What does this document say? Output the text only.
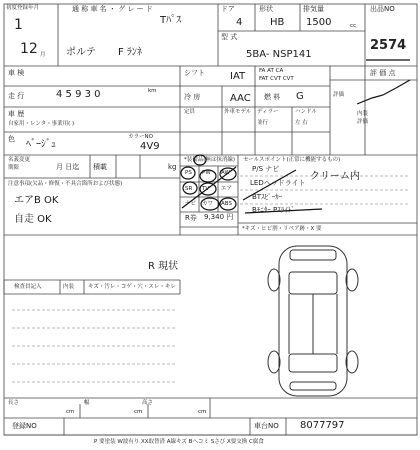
初度登録年月
1
12 月
通 称 車 名 ・ グ レ ー ド
Tﾊﾟｽ
ポルテ F ﾗﾝﾈ
ドア
4
形状
HB
排気量
1500	cc
型 式
5BA- NSP141
出品NO
2574
車 検
走 行	4 5 9 3 0	km
車 歴
自家用・レンタ・事業用( )
色 ﾍﾞｰｼﾞｭ
カラーNO
4V9
名義変更
期限	月 日迄 積載	kg
注意事項(欠品・修復・不具合箇所および状態)
エアB OK
自走 OK
シフト	IAT	FA AT CA
FAT CVT CVT
冷 房	AAC 燃 料 G
定員	外車モデル ディラー	ハンドル
並行	左 右
評 価 点
評価
内装
評価
*装備品(無は抹消線)
PS PW AW
SR TV エア
ナビ カワ ABS
R券 9,340 円
セールスポイント(正常に機能するもの)
P/S ナビ
LEDヘッドライト
BTｽﾋﾟｰｶｰ
Bﾓﾆﾀｰ Pｽﾗｲﾄﾞ
クリーム内
*キズ・ヒビ割・リペア跡・X 要
R 現状
検査員記入	内装	キズ・汚レ・コゲ・穴・スレ・キレ
長さ
cm
幅
cm
高さ
cm
登録NO	車台NO 8077797
P 要塗装 W波有り XX取替済 A線キズ Bヘコミ Sさび X要交換 C腐食
